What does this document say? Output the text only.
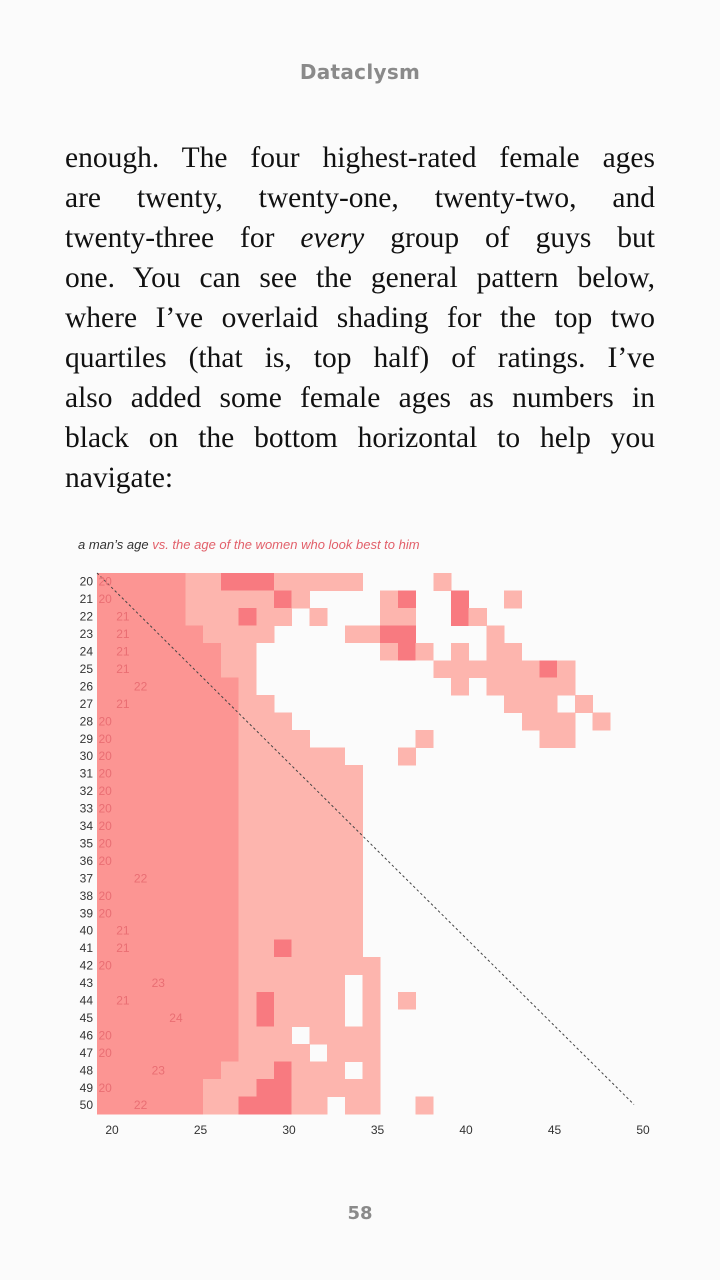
Dataclysm
enough. The four highest-rated female ages
are twenty, twenty-one, twenty-two, and
twenty-three for every group of guys but
one. You can see the general pattern below,
where I’ve overlaid shading for the top two
quartiles (that is, top half) of ratings. I’ve
also added some female ages as numbers in
black on the bottom horizontal to help you
navigate:
a man’s age vs. the age of the women who look best to him
20
21
22
23
24
25
26
27
28
29
30
31
32
33
34
35
36
37
38
39
40
41
42
43
44
45
46
47
48
49
50
20
20
21
21
21
21
22
21
20
20
20
20
20
20
20
20
20
22
20
20
21
21
20
23
21
24
20
20
23
20
22
20	25	30	35	40	45	50
58
